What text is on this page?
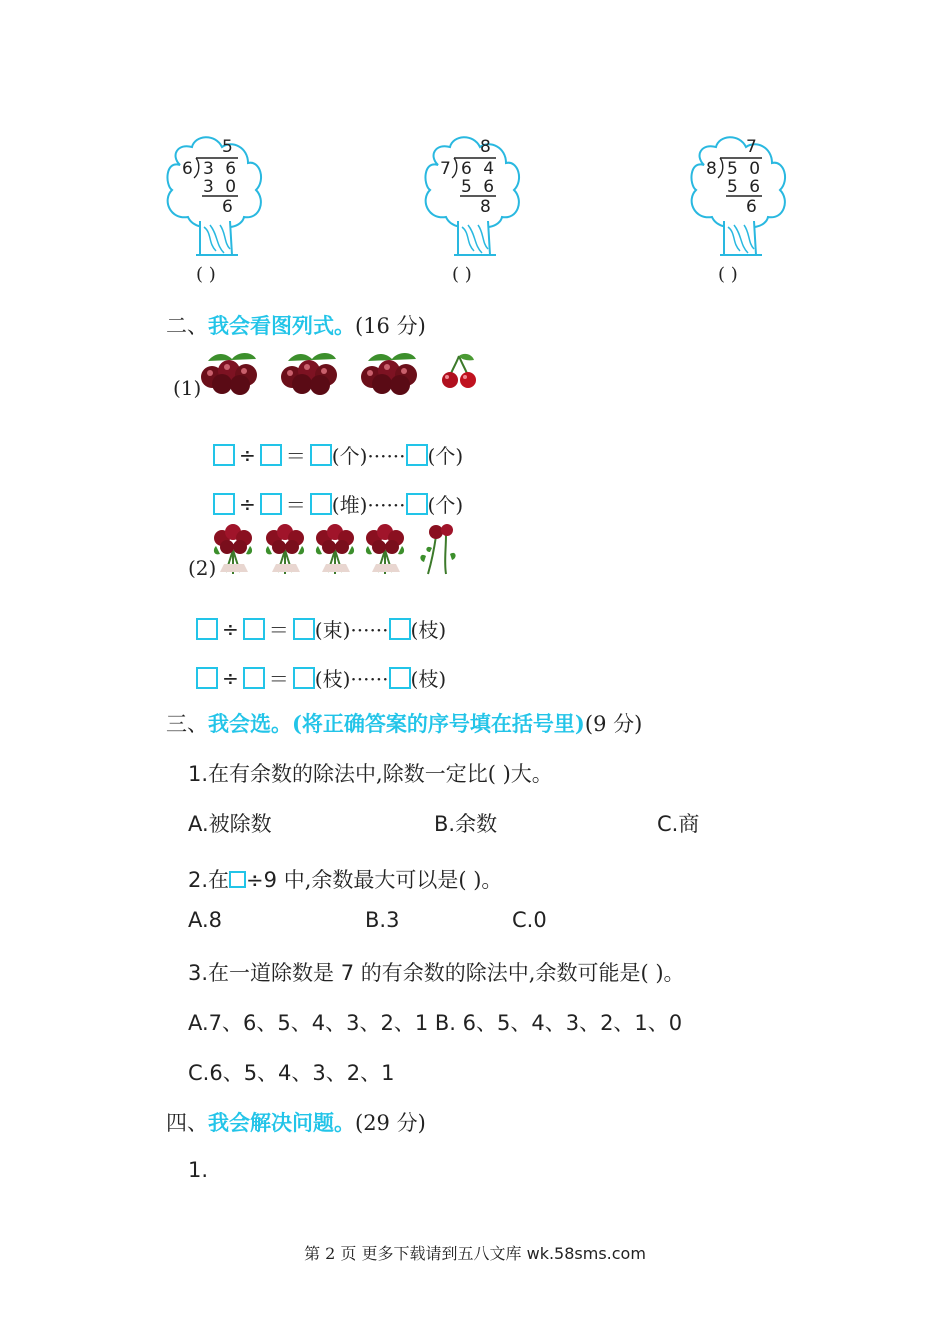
5
6 3 6
3 0
6
( )
8
7 6 4
5 6
8
( )
7
8 5 0
5 6
6
( )
二、我会看图列式。(16 分)
(1)
÷ ＝ (个)······ (个)
÷ ＝ (堆)······ (个)
(2)
÷ ＝ (束)······ (枝)
÷ ＝ (枝)······ (枝)
三、我会选。(将正确答案的序号填在括号里)(9 分)
1.在有余数的除法中,除数一定比( )大。
A.被除数	B.余数	C.商
2.在 ÷9 中,余数最大可以是( )。
A.8	B.3	C.0
3.在一道除数是 7 的有余数的除法中,余数可能是( )。
A.7、6、5、4、3、2、1 B. 6、5、4、3、2、1、0
C.6、5、4、3、2、1
四、我会解决问题。(29 分)
1.
第 2 页 更多下载请到五八文库 wk.58sms.com
